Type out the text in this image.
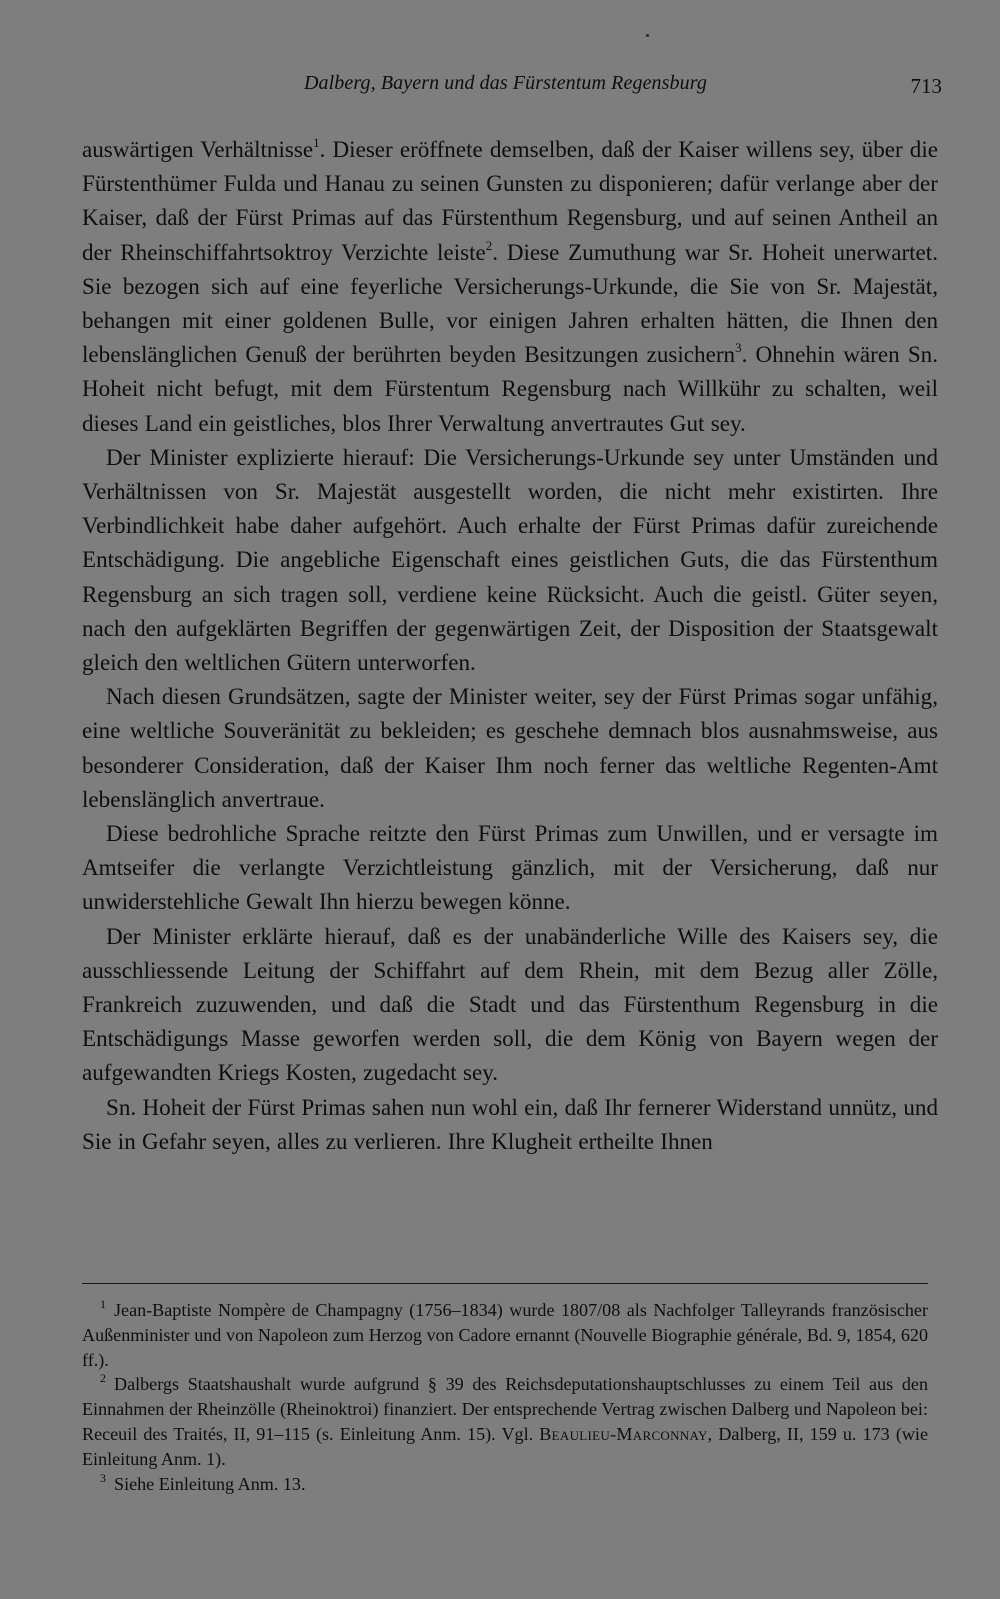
Dalberg, Bayern und das Fürstentum Regensburg	713

auswärtigen Verhältnisse$^1$. Dieser eröffnete demselben, daß der Kaiser willens sey, über die Fürstenthümer Fulda und Hanau zu seinen Gunsten zu disponieren; dafür verlange aber der Kaiser, daß der Fürst Primas auf das Fürstenthum Regensburg, und auf seinen Antheil an der Rheinschiffahrtsoktroy Verzichte leiste$^2$. Diese Zumuthung war Sr. Hoheit unerwartet. Sie bezogen sich auf eine feyerliche Versicherungs-Urkunde, die Sie von Sr. Majestät, behangen mit einer goldenen Bulle, vor einigen Jahren erhalten hätten, die Ihnen den lebenslänglichen Genuß der berührten beyden Besitzungen zusichern$^3$. Ohnehin wären Sn. Hoheit nicht befugt, mit dem Fürstentum Regensburg nach Willkühr zu schalten, weil dieses Land ein geistliches, blos Ihrer Verwaltung anvertrautes Gut sey.

Der Minister explizierte hierauf: Die Versicherungs-Urkunde sey unter Umständen und Verhältnissen von Sr. Majestät ausgestellt worden, die nicht mehr existirten. Ihre Verbindlichkeit habe daher aufgehört. Auch erhalte der Fürst Primas dafür zureichende Entschädigung. Die angebliche Eigenschaft eines geistlichen Guts, die das Fürstenthum Regensburg an sich tragen soll, verdiene keine Rücksicht. Auch die geistl. Güter seyen, nach den aufgeklärten Begriffen der gegenwärtigen Zeit, der Disposition der Staatsgewalt gleich den weltlichen Gütern unterworfen.

Nach diesen Grundsätzen, sagte der Minister weiter, sey der Fürst Primas sogar unfähig, eine weltliche Souveränität zu bekleiden; es geschehe demnach blos ausnahmsweise, aus besonderer Consideration, daß der Kaiser Ihm noch ferner das weltliche Regenten-Amt lebenslänglich anvertraue.

Diese bedrohliche Sprache reitzte den Fürst Primas zum Unwillen, und er versagte im Amtseifer die verlangte Verzichtleistung gänzlich, mit der Versicherung, daß nur unwiderstehliche Gewalt Ihn hierzu bewegen könne.

Der Minister erklärte hierauf, daß es der unabänderliche Wille des Kaisers sey, die ausschliessende Leitung der Schiffahrt auf dem Rhein, mit dem Bezug aller Zölle, Frankreich zuzuwenden, und daß die Stadt und das Fürstenthum Regensburg in die Entschädigungs Masse geworfen werden soll, die dem König von Bayern wegen der aufgewandten Kriegs Kosten, zugedacht sey.

Sn. Hoheit der Fürst Primas sahen nun wohl ein, daß Ihr fernerer Widerstand unnütz, und Sie in Gefahr seyen, alles zu verlieren. Ihre Klugheit ertheilte Ihnen

$^1$ Jean-Baptiste Nompère de Champagny (1756–1834) wurde 1807/08 als Nachfolger Talleyrands französischer Außenminister und von Napoleon zum Herzog von Cadore ernannt (Nouvelle Biographie générale, Bd. 9, 1854, 620 ff.).

$^2$ Dalbergs Staatshaushalt wurde aufgrund § 39 des Reichsdeputationshauptschlusses zu einem Teil aus den Einnahmen der Rheinzölle (Rheinoktroi) finanziert. Der entsprechende Vertrag zwischen Dalberg und Napoleon bei: Receuil des Traités, II, 91–115 (s. Einleitung Anm. 15). Vgl. Beaulieu-Marconnay, Dalberg, II, 159 u. 173 (wie Einleitung Anm. 1).

$^3$ Siehe Einleitung Anm. 13.
